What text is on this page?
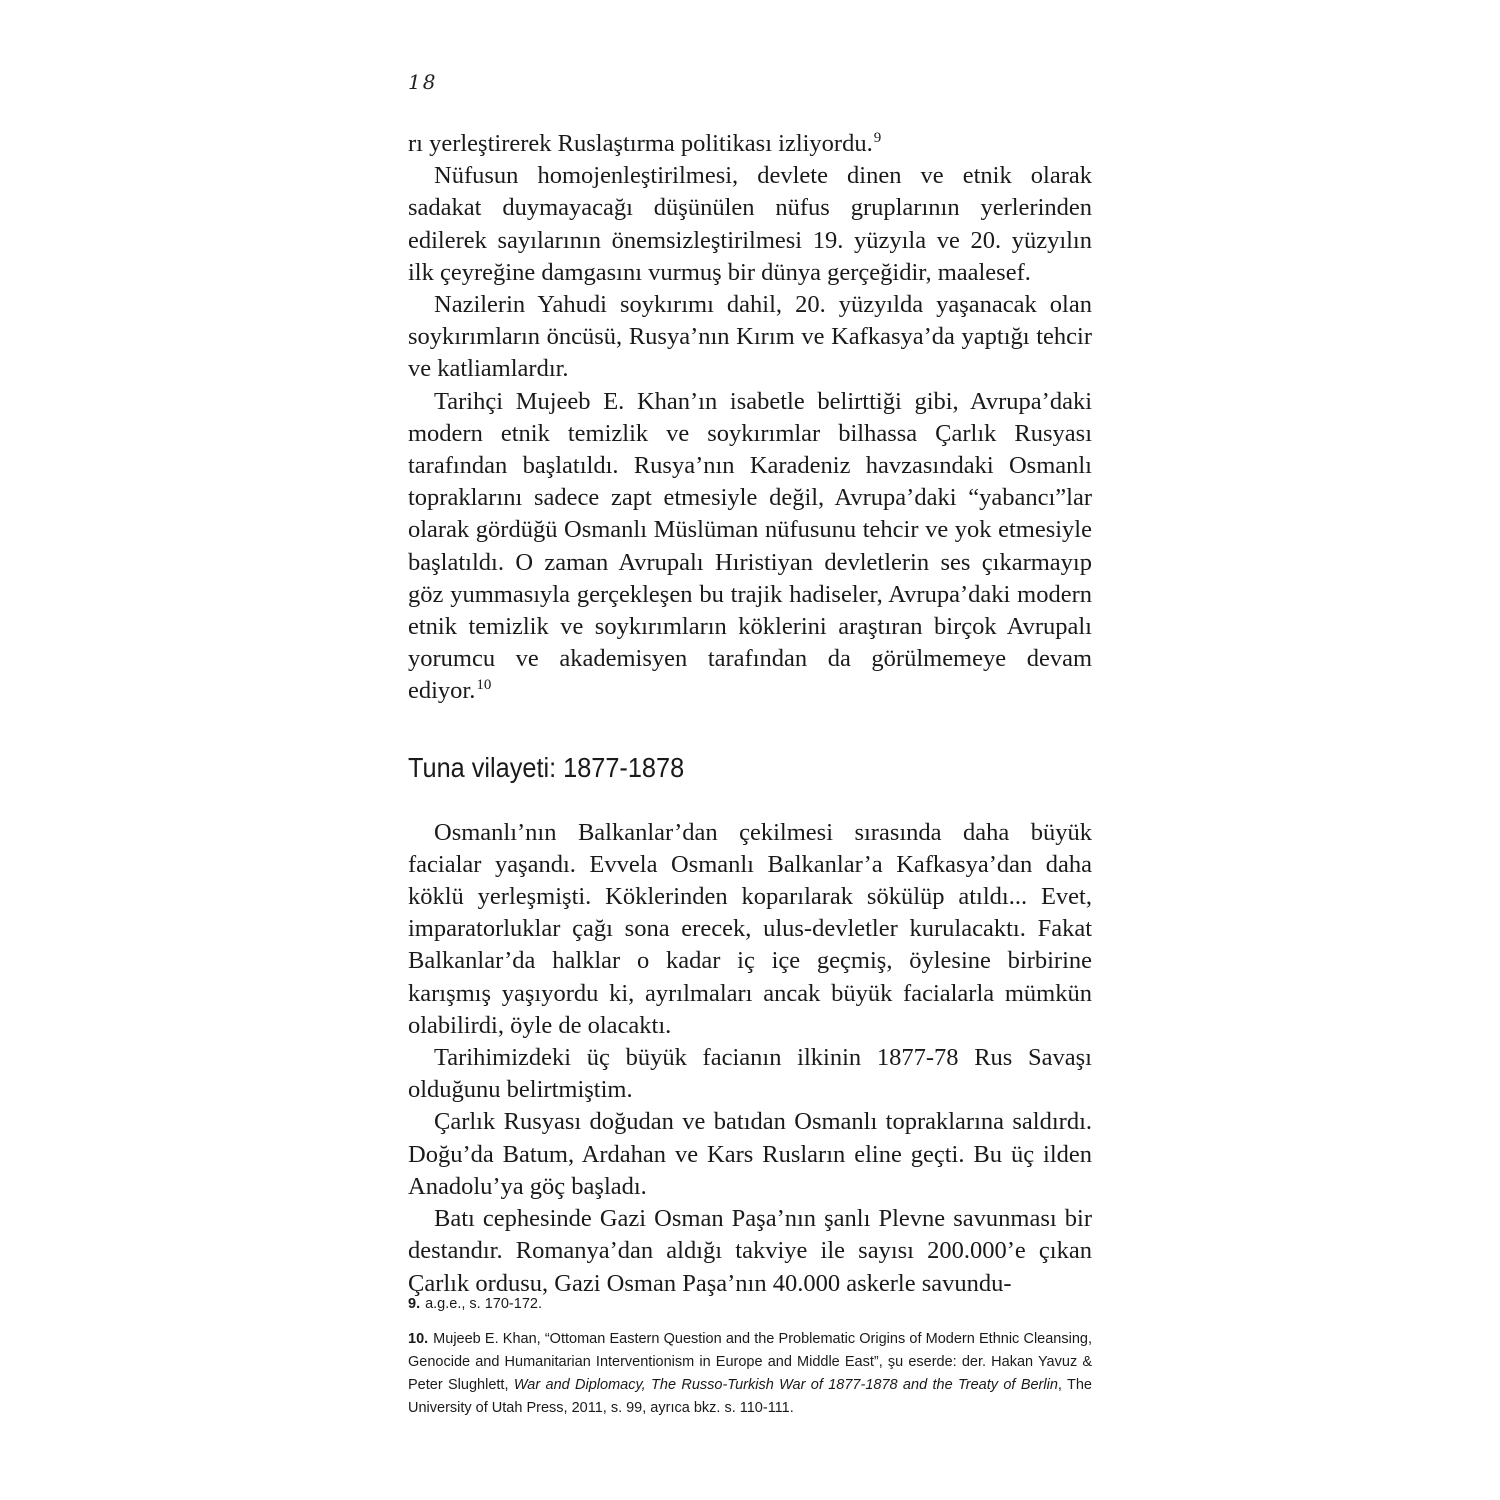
18

rı yerleştirerek Ruslaştırma politikası izliyordu.$^9$

Nüfusun homojenleştirilmesi, devlete dinen ve etnik olarak sadakat duymayacağı düşünülen nüfus gruplarının yerlerinden edilerek sayılarının önemsizleştirilmesi 19. yüzyıla ve 20. yüzyılın ilk çeyreğine damgasını vurmuş bir dünya gerçeğidir, maalesef.

Nazilerin Yahudi soykırımı dahil, 20. yüzyılda yaşanacak olan soykırımların öncüsü, Rusya’nın Kırım ve Kafkasya’da yaptığı tehcir ve katliamlardır.

Tarihçi Mujeeb E. Khan’ın isabetle belirttiği gibi, Avrupa’daki modern etnik temizlik ve soykırımlar bilhassa Çarlık Rusyası tarafından başlatıldı. Rusya’nın Karadeniz havzasındaki Osmanlı topraklarını sadece zapt etmesiyle değil, Avrupa’daki “yabancı”lar olarak gördüğü Osmanlı Müslüman nüfusunu tehcir ve yok etmesiyle başlatıldı. O zaman Avrupalı Hıristiyan devletlerin ses çıkarmayıp göz yummasıyla gerçekleşen bu trajik hadiseler, Avrupa’daki modern etnik temizlik ve soykırımların köklerini araştıran birçok Avrupalı yorumcu ve akademisyen tarafından da görülmemeye devam ediyor.$^{10}$

Tuna vilayeti: 1877-1878

Osmanlı’nın Balkanlar’dan çekilmesi sırasında daha büyük facialar yaşandı. Evvela Osmanlı Balkanlar’a Kafkasya’dan daha köklü yerleşmişti. Köklerinden koparılarak sökülüp atıldı... Evet, imparatorluklar çağı sona erecek, ulus-devletler kurulacaktı. Fakat Balkanlar’da halklar o kadar iç içe geçmiş, öylesine birbirine karışmış yaşıyordu ki, ayrılmaları ancak büyük facialarla mümkün olabilirdi, öyle de olacaktı.

Tarihimizdeki üç büyük facianın ilkinin 1877-78 Rus Savaşı olduğunu belirtmiştim.

Çarlık Rusyası doğudan ve batıdan Osmanlı topraklarına saldırdı. Doğu’da Batum, Ardahan ve Kars Rusların eline geçti. Bu üç ilden Anadolu’ya göç başladı.

Batı cephesinde Gazi Osman Paşa’nın şanlı Plevne savunması bir destandır. Romanya’dan aldığı takviye ile sayısı 200.000’e çıkan Çarlık ordusu, Gazi Osman Paşa’nın 40.000 askerle savundu-

9. a.g.e., s. 170-172.

10. Mujeeb E. Khan, “Ottoman Eastern Question and the Problematic Origins of Modern Ethnic Cleansing, Genocide and Humanitarian Interventionism in Europe and Middle East”, şu eserde: der. Hakan Yavuz & Peter Slughlett, War and Diplomacy, The Russo-Turkish War of 1877-1878 and the Treaty of Berlin, The University of Utah Press, 2011, s. 99, ayrıca bkz. s. 110-111.
